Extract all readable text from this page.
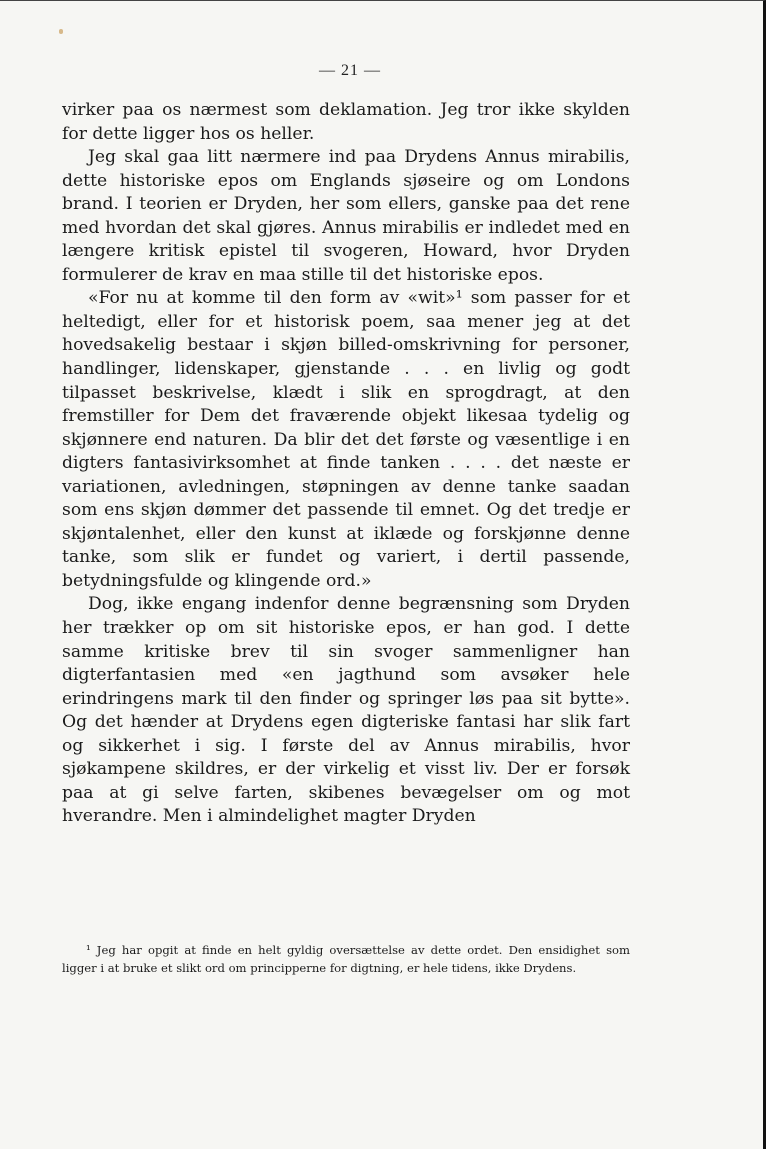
— 21 —

virker paa os nærmest som deklamation. Jeg tror ikke skylden for dette ligger hos os heller.

Jeg skal gaa litt nærmere ind paa Drydens Annus mirabilis, dette historiske epos om Englands sjøseire og om Londons brand. I teorien er Dryden, her som ellers, ganske paa det rene med hvordan det skal gjøres. Annus mirabilis er indledet med en længere kritisk epistel til svogeren, Howard, hvor Dryden formulerer de krav en maa stille til det historiske epos.

«For nu at komme til den form av «wit»¹ som passer for et heltedigt, eller for et historisk poem, saa mener jeg at det hovedsakelig bestaar i skjøn billed-omskrivning for personer, handlinger, lidenskaper, gjenstande . . . en livlig og godt tilpasset beskrivelse, klædt i slik en sprogdragt, at den fremstiller for Dem det fraværende objekt likesaa tydelig og skjønnere end naturen. Da blir det det første og væsentlige i en digters fantasivirksomhet at finde tanken . . . . det næste er variationen, avledningen, støpningen av denne tanke saadan som ens skjøn dømmer det passende til emnet. Og det tredje er skjøntalenhet, eller den kunst at iklæde og forskjønne denne tanke, som slik er fundet og variert, i dertil passende, betydningsfulde og klingende ord.»

Dog, ikke engang indenfor denne begrænsning som Dryden her trækker op om sit historiske epos, er han god. I dette samme kritiske brev til sin svoger sammenligner han digterfantasien med «en jagthund som avsøker hele erindringens mark til den finder og springer løs paa sit bytte». Og det hænder at Drydens egen digteriske fantasi har slik fart og sikkerhet i sig. I første del av Annus mirabilis, hvor sjøkampene skildres, er der virkelig et visst liv. Der er forsøk paa at gi selve farten, skibenes bevægelser om og mot hverandre. Men i almindelighet magter Dryden

¹ Jeg har opgit at finde en helt gyldig oversættelse av dette ordet. Den ensidighet som ligger i at bruke et slikt ord om principperne for digtning, er hele tidens, ikke Drydens.
